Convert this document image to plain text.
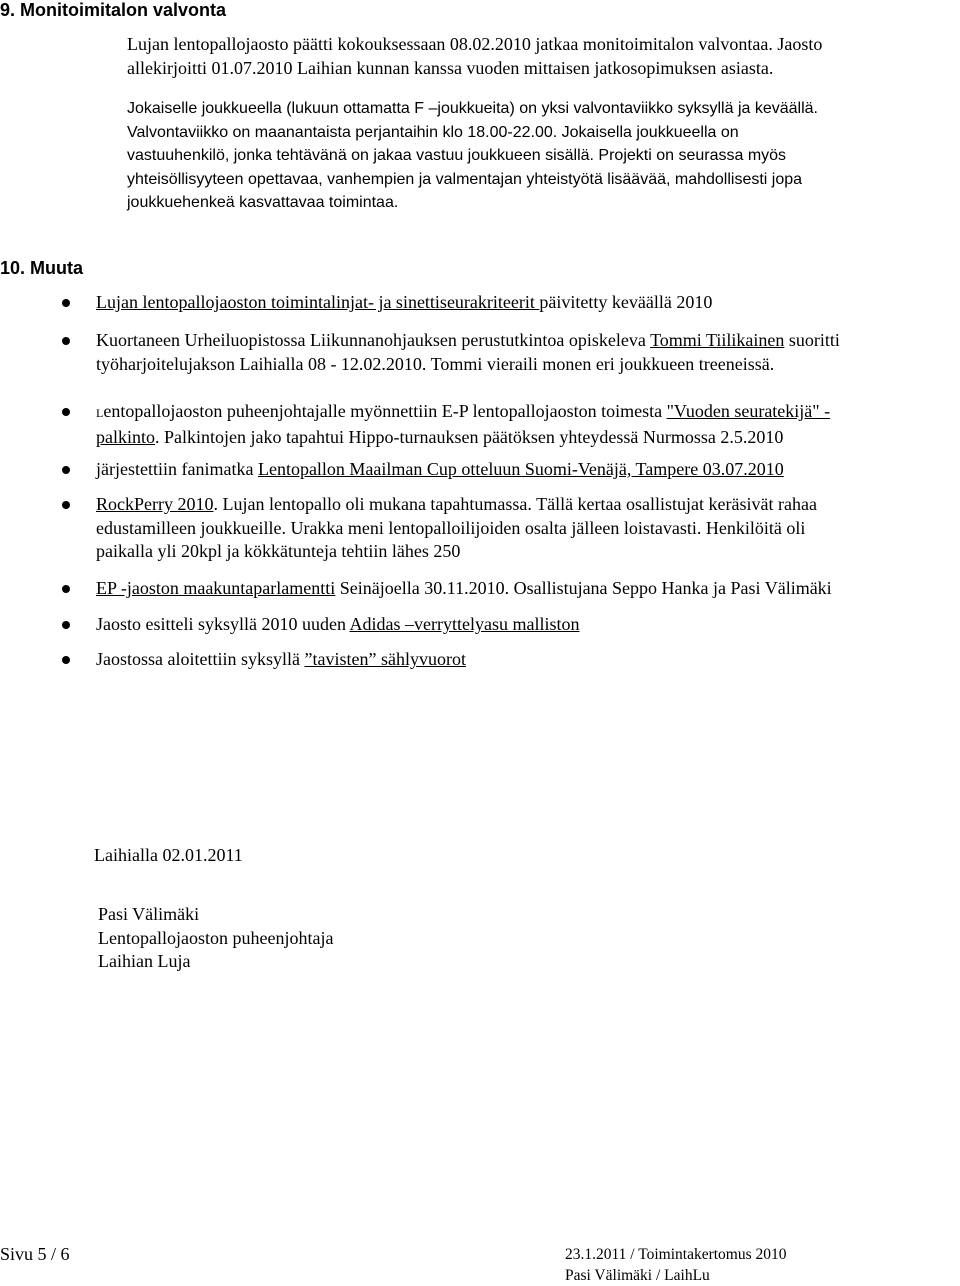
9. Monitoimitalon valvonta
Lujan lentopallojaosto päätti kokouksessaan 08.02.2010 jatkaa monitoimitalon valvontaa. Jaosto
allekirjoitti 01.07.2010 Laihian kunnan kanssa vuoden mittaisen jatkosopimuksen asiasta.
Jokaiselle joukkueella (lukuun ottamatta F –joukkueita) on yksi valvontaviikko syksyllä ja keväällä.
Valvontaviikko on maanantaista perjantaihin klo 18.00-22.00. Jokaisella joukkueella on
vastuuhenkilö, jonka tehtävänä on jakaa vastuu joukkueen sisällä. Projekti on seurassa myös
yhteisöllisyyteen opettavaa, vanhempien ja valmentajan yhteistyötä lisäävää, mahdollisesti jopa
joukkuehenkeä kasvattavaa toimintaa.
10. Muuta
Lujan lentopallojaoston toimintalinjat- ja sinettiseurakriteerit päivitetty keväällä 2010
Kuortaneen Urheiluopistossa Liikunnanohjauksen perustutkintoa opiskeleva Tommi Tiilikainen suoritti
työharjoitelujakson Laihialla 08 - 12.02.2010. Tommi vieraili monen eri joukkueen treeneissä.
Lentopallojaoston puheenjohtajalle myönnettiin E-P lentopallojaoston toimesta "Vuoden seuratekijä" -
palkinto. Palkintojen jako tapahtui Hippo-turnauksen päätöksen yhteydessä Nurmossa 2.5.2010
järjestettiin fanimatka Lentopallon Maailman Cup otteluun Suomi-Venäjä, Tampere 03.07.2010
RockPerry 2010. Lujan lentopallo oli mukana tapahtumassa. Tällä kertaa osallistujat keräsivät rahaa
edustamilleen joukkueille. Urakka meni lentopalloilijoiden osalta jälleen loistavasti. Henkilöitä oli
paikalla yli 20kpl ja kökkätunteja tehtiin lähes 250
EP -jaoston maakuntaparlamentti Seinäjoella 30.11.2010. Osallistujana Seppo Hanka ja Pasi Välimäki
Jaosto esitteli syksyllä 2010 uuden Adidas –verryttelyasu malliston
Jaostossa aloitettiin syksyllä ”tavisten” sählyvuorot
Laihialla 02.01.2011
Pasi Välimäki
Lentopallojaoston puheenjohtaja
Laihian Luja
Sivu 5 / 6	23.1.2011 / Toimintakertomus 2010
Pasi Välimäki / LaihLu
